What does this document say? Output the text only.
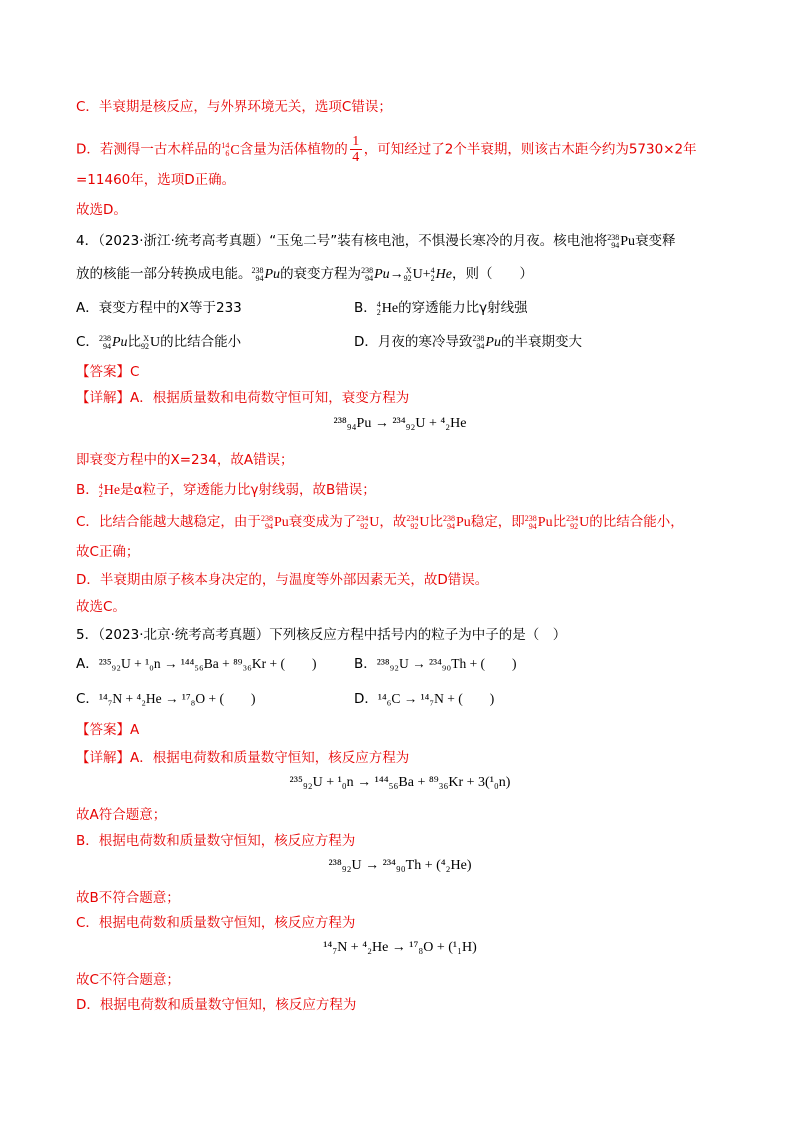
C．半衰期是核反应，与外界环境无关，选项C错误；
D．若测得一古木样品的 14
6 C含量为活体植物的 $\frac{1}{4}$ ，可知经过了2个半衰期，则该古木距今约为5730×2年
=11460年，选项D正确。
故选D。
4．（2023·浙江·统考高考真题）“玉兔二号”装有核电池，不惧漫长寒冷的月夜。核电池将 238
94 Pu衰变释
放的核能一部分转换成电能。 238
94 Pu的衰变方程为 238
94 Pu→ X
92 U+ 4
2 He，则（　　）
A．衰变方程中的X等于233	B． 4
2 He的穿透能力比γ射线强
C． 238
94 Pu比 X
92 U的比结合能小	D．月夜的寒冷导致 238
94 Pu的半衰期变大
【答案】C
【详解】A．根据质量数和电荷数守恒可知，衰变方程为
²³⁸₉₄Pu → ²³⁴₉₂U + ⁴₂He
即衰变方程中的X=234，故A错误；
B． 4
2 He是α粒子，穿透能力比γ射线弱，故B错误；
C．比结合能越大越稳定，由于 238
94 Pu衰变成为了 234
92 U，故 234
92 U比 238
94 Pu稳定，即 238
94 Pu比 234
92 U的比结合能小，
故C正确；
D．半衰期由原子核本身决定的，与温度等外部因素无关，故D错误。
故选C。
5．（2023·北京·统考高考真题）下列核反应方程中括号内的粒子为中子的是（　）
A．²³⁵₉₂U + ¹₀n → ¹⁴⁴₅₆Ba + ⁸⁹₃₆Kr + (　　)	B．²³⁸₉₂U → ²³⁴₉₀Th + (　　)
C．¹⁴₇N + ⁴₂He → ¹⁷₈O + (　　)	D．¹⁴₆C → ¹⁴₇N + (　　)
【答案】A
【详解】A．根据电荷数和质量数守恒知，核反应方程为
²³⁵₉₂U + ¹₀n → ¹⁴⁴₅₆Ba + ⁸⁹₃₆Kr + 3(¹₀n)
故A符合题意；
B．根据电荷数和质量数守恒知，核反应方程为
²³⁸₉₂U → ²³⁴₉₀Th + (⁴₂He)
故B不符合题意；
C．根据电荷数和质量数守恒知，核反应方程为
¹⁴₇N + ⁴₂He → ¹⁷₈O + (¹₁H)
故C不符合题意；
D．根据电荷数和质量数守恒知，核反应方程为
